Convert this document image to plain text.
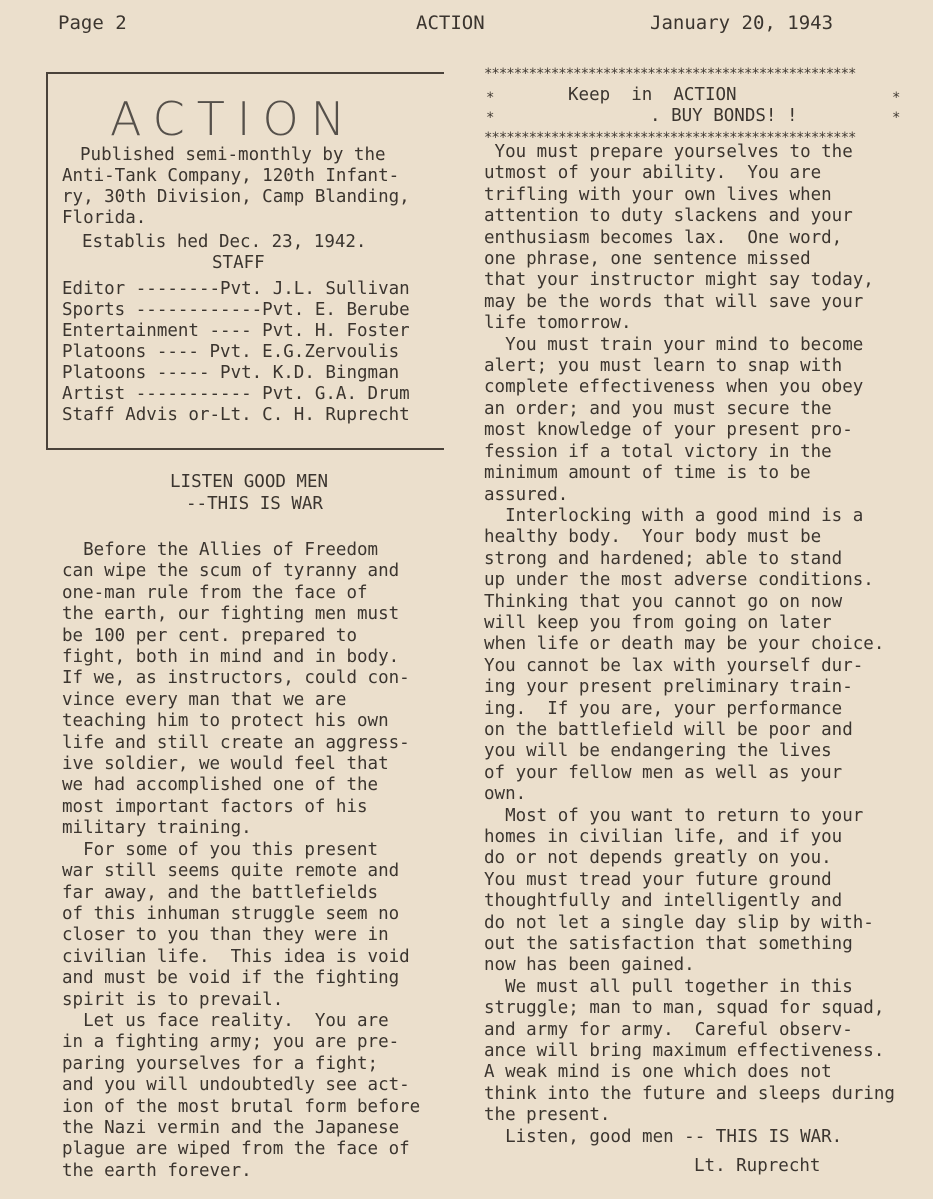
Page 2	ACTION	January 20, 1943
ACTION
Published semi-monthly by the
Anti-Tank Company, 120th Infant-
ry, 30th Division, Camp Blanding,
Florida.
Establis hed Dec. 23, 1942.
STAFF
Editor --------Pvt. J.L. Sullivan
Sports ------------Pvt. E. Berube
Entertainment ---- Pvt. H. Foster
Platoons ---- Pvt. E.G.Zervoulis
Platoons ----- Pvt. K.D. Bingman
Artist ----------- Pvt. G.A. Drum
Staff Advis or-Lt. C. H. Ruprecht
**************************************************
**************************************************
*
*
*
*
Keep  in  ACTION
. BUY BONDS! !
LISTEN GOOD MEN
--THIS IS WAR
Before the Allies of Freedom
can wipe the scum of tyranny and
one-man rule from the face of
the earth, our fighting men must
be 100 per cent. prepared to
fight, both in mind and in body.
If we, as instructors, could con-
vince every man that we are
teaching him to protect his own
life and still create an aggress-
ive soldier, we would feel that
we had accomplished one of the
most important factors of his
military training.
For some of you this present
war still seems quite remote and
far away, and the battlefields
of this inhuman struggle seem no
closer to you than they were in
civilian life.  This idea is void
and must be void if the fighting
spirit is to prevail.
Let us face reality.  You are
in a fighting army; you are pre-
paring yourselves for a fight;
and you will undoubtedly see act-
ion of the most brutal form before
the Nazi vermin and the Japanese
plague are wiped from the face of
the earth forever.
You must prepare yourselves to the
utmost of your ability.  You are
trifling with your own lives when
attention to duty slackens and your
enthusiasm becomes lax.  One word,
one phrase, one sentence missed
that your instructor might say today,
may be the words that will save your
life tomorrow.
You must train your mind to become
alert; you must learn to snap with
complete effectiveness when you obey
an order; and you must secure the
most knowledge of your present pro-
fession if a total victory in the
minimum amount of time is to be
assured.
Interlocking with a good mind is a
healthy body.  Your body must be
strong and hardened; able to stand
up under the most adverse conditions.
Thinking that you cannot go on now
will keep you from going on later
when life or death may be your choice.
You cannot be lax with yourself dur-
ing your present preliminary train-
ing.  If you are, your performance
on the battlefield will be poor and
you will be endangering the lives
of your fellow men as well as your
own.
Most of you want to return to your
homes in civilian life, and if you
do or not depends greatly on you.
You must tread your future ground
thoughtfully and intelligently and
do not let a single day slip by with-
out the satisfaction that something
now has been gained.
We must all pull together in this
struggle; man to man, squad for squad,
and army for army.  Careful observ-
ance will bring maximum effectiveness.
A weak mind is one which does not
think into the future and sleeps during
the present.
Listen, good men -- THIS IS WAR.
Lt. Ruprecht
